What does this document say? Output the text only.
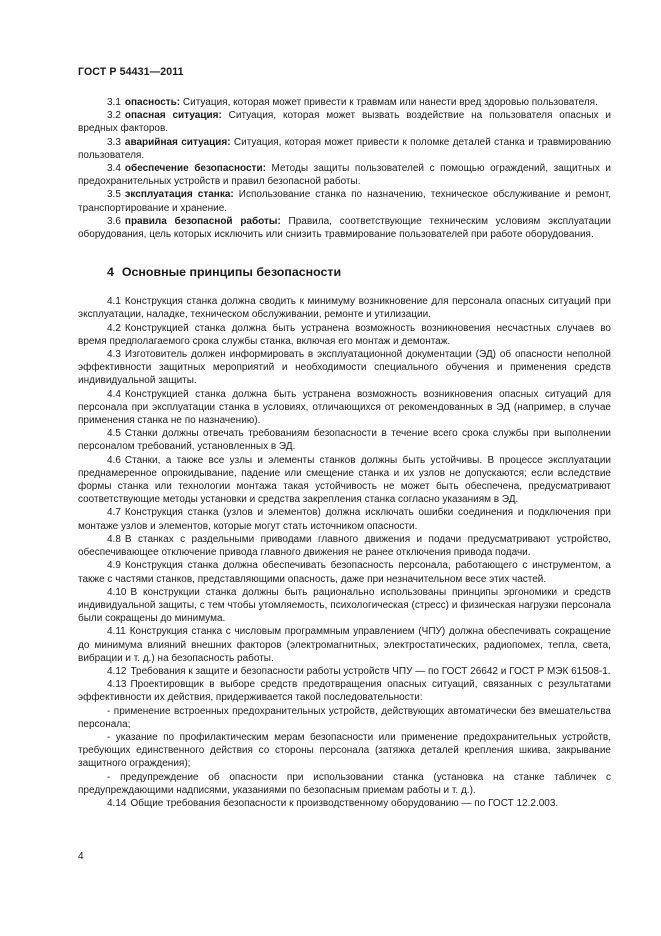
ГОСТ Р 54431—2011

3.1 опасность: Ситуация, которая может привести к травмам или нанести вред здоровью пользователя.

3.2 опасная ситуация: Ситуация, которая может вызвать воздействие на пользователя опасных и вредных факторов.

3.3 аварийная ситуация: Ситуация, которая может привести к поломке деталей станка и травмированию пользователя.

3.4 обеспечение безопасности: Методы защиты пользователей с помощью ограждений, защитных и предохранительных устройств и правил безопасной работы.

3.5 эксплуатация станка: Использование станка по назначению, техническое обслуживание и ремонт, транспортирование и хранение.

3.6 правила безопасной работы: Правила, соответствующие техническим условиям эксплуатации оборудования, цель которых исключить или снизить травмирование пользователей при работе оборудования.

4 Основные принципы безопасности

4.1 Конструкция станка должна сводить к минимуму возникновение для персонала опасных ситуаций при эксплуатации, наладке, техническом обслуживании, ремонте и утилизации.

4.2 Конструкцией станка должна быть устранена возможность возникновения несчастных случаев во время предполагаемого срока службы станка, включая его монтаж и демонтаж.

4.3 Изготовитель должен информировать в эксплуатационной документации (ЭД) об опасности неполной эффективности защитных мероприятий и необходимости специального обучения и применения средств индивидуальной защиты.

4.4 Конструкцией станка должна быть устранена возможность возникновения опасных ситуаций для персонала при эксплуатации станка в условиях, отличающихся от рекомендованных в ЭД (например, в случае применения станка не по назначению).

4.5 Станки должны отвечать требованиям безопасности в течение всего срока службы при выполнении персоналом требований, установленных в ЭД.

4.6 Станки, а также все узлы и элементы станков должны быть устойчивы. В процессе эксплуатации преднамеренное опрокидывание, падение или смещение станка и их узлов не допускаются; если вследствие формы станка или технологии монтажа такая устойчивость не может быть обеспечена, предусматривают соответствующие методы установки и средства закрепления станка согласно указаниям в ЭД.

4.7 Конструкция станка (узлов и элементов) должна исключать ошибки соединения и подключения при монтаже узлов и элементов, которые могут стать источником опасности.

4.8 В станках с раздельными приводами главного движения и подачи предусматривают устройство, обеспечивающее отключение привода главного движения не ранее отключения привода подачи.

4.9 Конструкция станка должна обеспечивать безопасность персонала, работающего с инструментом, а также с частями станков, представляющими опасность, даже при незначительном весе этих частей.

4.10 В конструкции станка должны быть рационально использованы принципы эргономики и средств индивидуальной защиты, с тем чтобы утомляемость, психологическая (стресс) и физическая нагрузки персонала были сокращены до минимума.

4.11 Конструкция станка с числовым программным управлением (ЧПУ) должна обеспечивать сокращение до минимума влияний внешних факторов (электромагнитных, электростатических, радиопомех, тепла, света, вибрации и т. д.) на безопасность работы.

4.12 Требования к защите и безопасности работы устройств ЧПУ — по ГОСТ 26642 и ГОСТ Р МЭК 61508-1.

4.13 Проектировщик в выборе средств предотвращения опасных ситуаций, связанных с результатами эффективности их действия, придерживается такой последовательности:

- применение встроенных предохранительных устройств, действующих автоматически без вмешательства персонала;

- указание по профилактическим мерам безопасности или применение предохранительных устройств, требующих единственного действия со стороны персонала (затяжка деталей крепления шкива, закрывание защитного ограждения);

- предупреждение об опасности при использовании станка (установка на станке табличек с предупреждающими надписями, указаниями по безопасным приемам работы и т. д.).

4.14 Общие требования безопасности к производственному оборудованию — по ГОСТ 12.2.003.

4
